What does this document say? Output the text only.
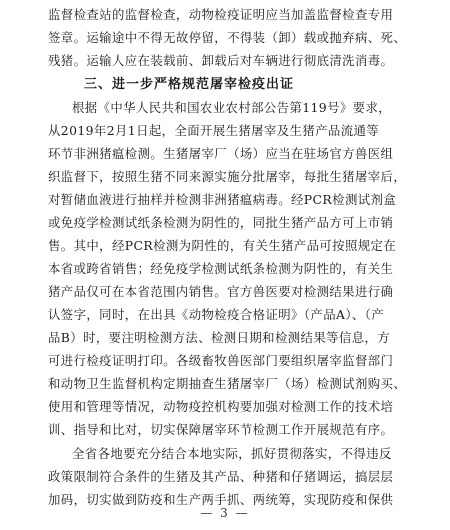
监督检查站的监督检查，动物检疫证明应当加盖监督检查专用
签章。运输途中不得无故停留，不得装（卸）载或抛弃病、死、
残猪。运输人应在装载前、卸载后对车辆进行彻底清洗消毒。
三、进一步严格规范屠宰检疫出证
根据《中华人民共和国农业农村部公告第119号》要求，
从2019年2月1日起，全面开展生猪屠宰及生猪产品流通等
环节非洲猪瘟检测。生猪屠宰厂（场）应当在驻场官方兽医组
织监督下，按照生猪不同来源实施分批屠宰，每批生猪屠宰后，
对暂储血液进行抽样并检测非洲猪瘟病毒。经PCR检测试剂盒
或免疫学检测试纸条检测为阴性的，同批生猪产品方可上市销
售。其中，经PCR检测为阴性的，有关生猪产品可按照规定在
本省或跨省销售；经免疫学检测试纸条检测为阴性的，有关生
猪产品仅可在本省范围内销售。官方兽医要对检测结果进行确
认签字，同时，在出具《动物检疫合格证明》（产品A）、（产
品B）时，要注明检测方法、检测日期和检测结果等信息，方
可进行检疫证明打印。各级畜牧兽医部门要组织屠宰监督部门
和动物卫生监督机构定期抽查生猪屠宰厂（场）检测试剂购买、
使用和管理等情况，动物疫控机构要加强对检测工作的技术培
训、指导和比对，切实保障屠宰环节检测工作开展规范有序。
全省各地要充分结合本地实际，抓好贯彻落实，不得违反
政策限制符合条件的生猪及其产品、种猪和仔猪调运，搞层层
加码，切实做到防疫和生产两手抓、两统筹，实现防疫和保供
— 3 —
